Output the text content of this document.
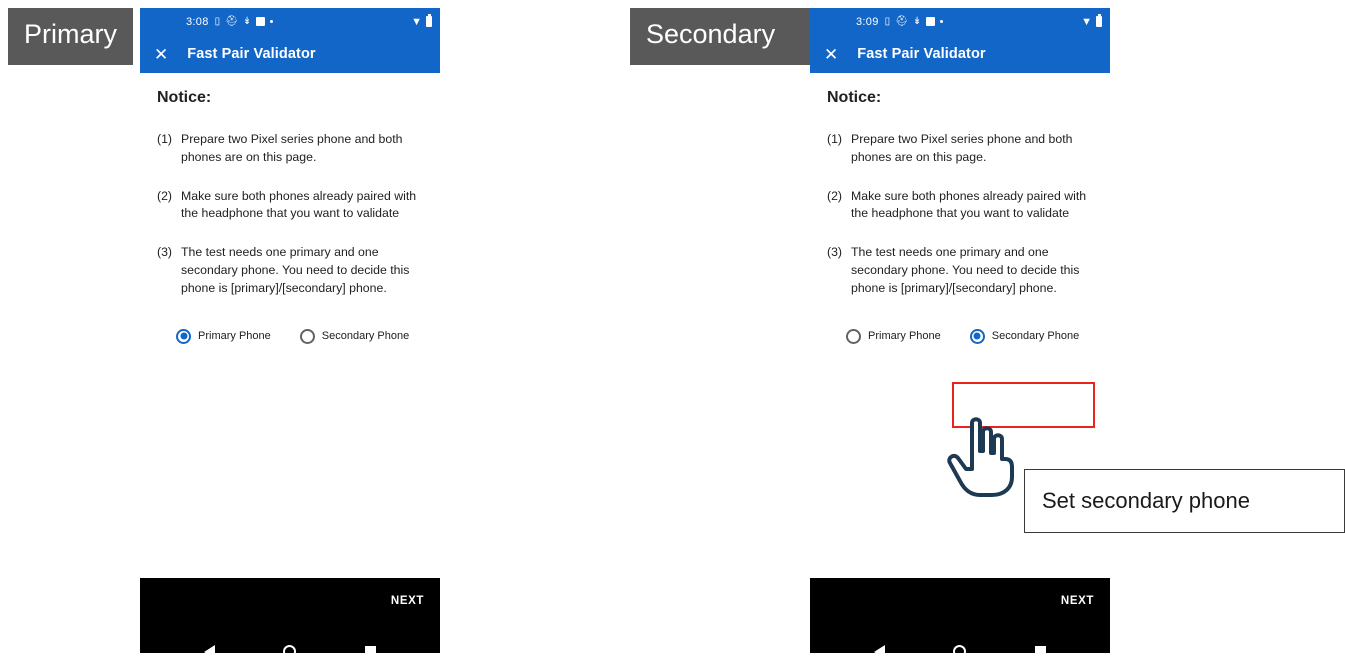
Primary	Secondary
3:08 ▯ ⛑ ↡	▼
✕ Fast Pair Validator
Notice:
(1) Prepare two Pixel series phone and both phones are on this page.
(2) Make sure both phones already paired with the headphone that you want to validate
(3) The test needs one primary and one secondary phone. You need to decide this phone is [primary]/[secondary] phone.
Primary Phone	Secondary Phone
NEXT
3:09 ▯ ⛑ ↡	▼
✕ Fast Pair Validator
Notice:
(1) Prepare two Pixel series phone and both phones are on this page.
(2) Make sure both phones already paired with the headphone that you want to validate
(3) The test needs one primary and one secondary phone. You need to decide this phone is [primary]/[secondary] phone.
Primary Phone	Secondary Phone
NEXT
Set secondary phone
